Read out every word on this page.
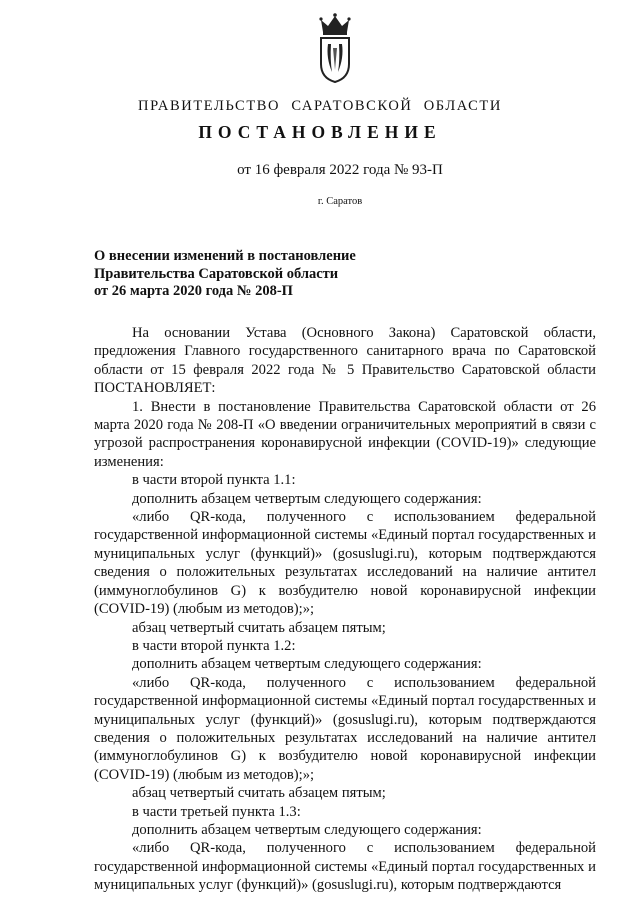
ПРАВИТЕЛЬСТВО САРАТОВСКОЙ ОБЛАСТИ
ПОСТАНОВЛЕНИЕ
от 16 февраля 2022 года № 93-П
г. Саратов
О внесении изменений в постановление
Правительства Саратовской области
от 26 марта 2020 года № 208-П

На основании Устава (Основного Закона) Саратовской области, предложения Главного государственного санитарного врача по Саратовской области от 15 февраля 2022 года № 5 Правительство Саратовской области ПОСТАНОВЛЯЕТ:

1. Внести в постановление Правительства Саратовской области от 26 марта 2020 года № 208-П «О введении ограничительных мероприятий в связи с угрозой распространения коронавирусной инфекции (COVID-19)» следующие изменения:

в части второй пункта 1.1:

дополнить абзацем четвертым следующего содержания:

«либо QR-кода, полученного с использованием федеральной государственной информационной системы «Единый портал государственных и муниципальных услуг (функций)» (gosuslugi.ru), которым подтверждаются сведения о положительных результатах исследований на наличие антител (иммуноглобулинов G) к возбудителю новой коронавирусной инфекции (COVID-19) (любым из методов);»;

абзац четвертый считать абзацем пятым;

в части второй пункта 1.2:

дополнить абзацем четвертым следующего содержания:

«либо QR-кода, полученного с использованием федеральной государственной информационной системы «Единый портал государственных и муниципальных услуг (функций)» (gosuslugi.ru), которым подтверждаются сведения о положительных результатах исследований на наличие антител (иммуноглобулинов G) к возбудителю новой коронавирусной инфекции (COVID-19) (любым из методов);»;

абзац четвертый считать абзацем пятым;

в части третьей пункта 1.3:

дополнить абзацем четвертым следующего содержания:

«либо QR-кода, полученного с использованием федеральной государственной информационной системы «Единый портал государственных и муниципальных услуг (функций)» (gosuslugi.ru), которым подтверждаются
